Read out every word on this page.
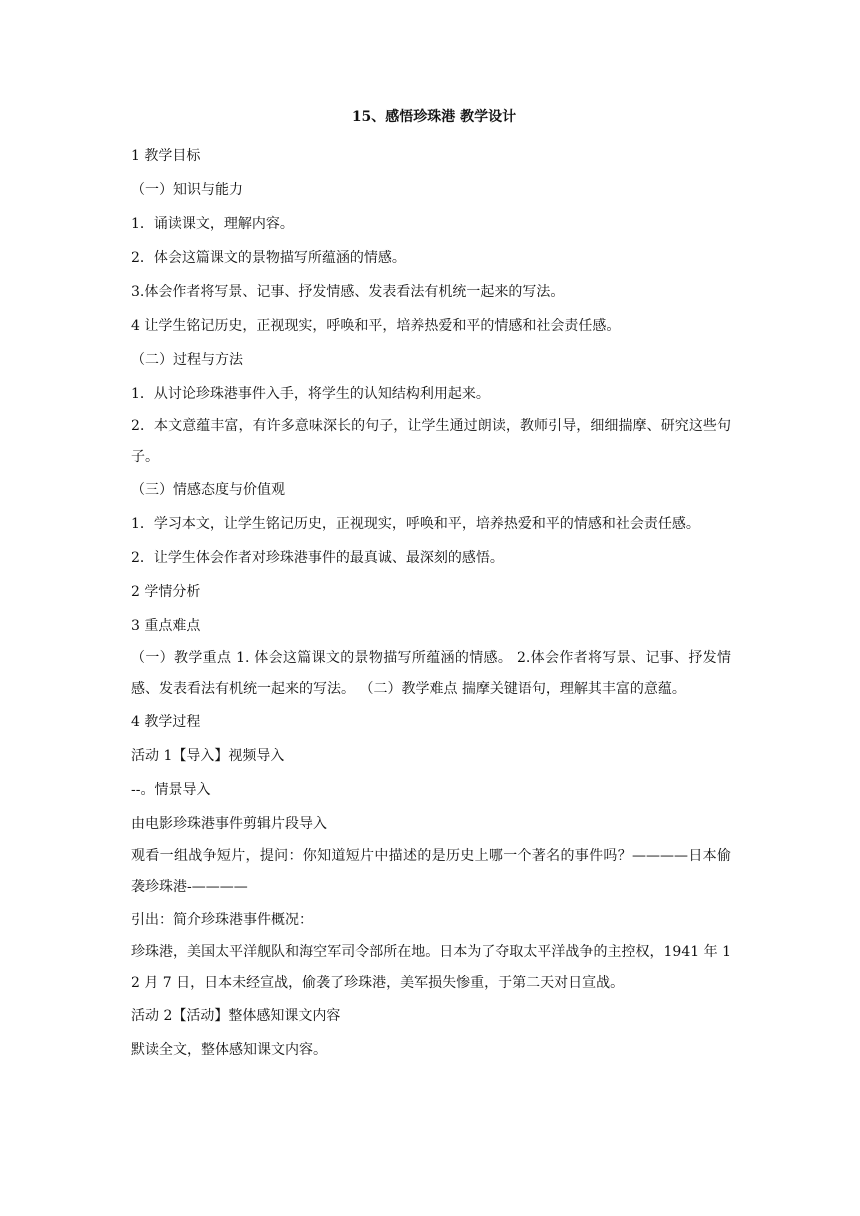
15、感悟珍珠港 教学设计

1 教学目标

（一）知识与能力

1．诵读课文，理解内容。

2．体会这篇课文的景物描写所蕴涵的情感。

3.体会作者将写景、记事、抒发情感、发表看法有机统一起来的写法。

4 让学生铭记历史，正视现实，呼唤和平，培养热爱和平的情感和社会责任感。

（二）过程与方法

1．从讨论珍珠港事件入手，将学生的认知结构利用起来。

2．本文意蕴丰富，有许多意味深长的句子，让学生通过朗读，教师引导，细细揣摩、研究这些句子。

（三）情感态度与价值观

1．学习本文，让学生铭记历史，正视现实，呼唤和平，培养热爱和平的情感和社会责任感。

2．让学生体会作者对珍珠港事件的最真诚、最深刻的感悟。

2 学情分析

3 重点难点

（一）教学重点 1. 体会这篇课文的景物描写所蕴涵的情感。 2.体会作者将写景、记事、抒发情感、发表看法有机统一起来的写法。 （二）教学难点 揣摩关键语句，理解其丰富的意蕴。

4 教学过程

活动 1【导入】视频导入

--。情景导入

由电影珍珠港事件剪辑片段导入

观看一组战争短片，提问：你知道短片中描述的是历史上哪一个著名的事件吗？————日本偷袭珍珠港-————

引出：简介珍珠港事件概况：

珍珠港，美国太平洋舰队和海空军司令部所在地。日本为了夺取太平洋战争的主控权，1941 年 12 月 7 日，日本未经宣战，偷袭了珍珠港，美军损失惨重，于第二天对日宣战。

活动 2【活动】整体感知课文内容

默读全文，整体感知课文内容。
